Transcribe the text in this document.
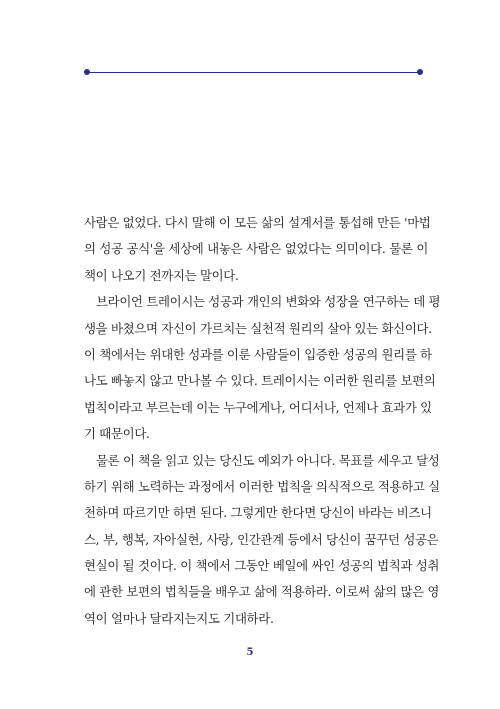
사람은 없었다. 다시 말해 이 모든 삶의 설계서를 통섭해 만든 '마법
의 성공 공식'을 세상에 내놓은 사람은 없었다는 의미이다. 물론 이
책이 나오기 전까지는 말이다.
브라이언 트레이시는 성공과 개인의 변화와 성장을 연구하는 데 평
생을 바쳤으며 자신이 가르치는 실천적 원리의 살아 있는 화신이다.
이 책에서는 위대한 성과를 이룬 사람들이 입증한 성공의 원리를 하
나도 빠놓지 않고 만나볼 수 있다. 트레이시는 이러한 원리를 보편의
법칙이라고 부르는데 이는 누구에게나, 어디서나, 언제나 효과가 있
기 때문이다.
물론 이 책을 읽고 있는 당신도 예외가 아니다. 목표를 세우고 달성
하기 위해 노력하는 과정에서 이러한 법칙을 의식적으로 적용하고 실
천하며 따르기만 하면 된다. 그렇게만 한다면 당신이 바라는 비즈니
스, 부, 행복, 자아실현, 사랑, 인간관계 등에서 당신이 꿈꾸던 성공은
현실이 될 것이다. 이 책에서 그동안 베일에 싸인 성공의 법칙과 성취
에 관한 보편의 법칙들을 배우고 삶에 적용하라. 이로써 삶의 많은 영
역이 얼마나 달라지는지도 기대하라.
5
